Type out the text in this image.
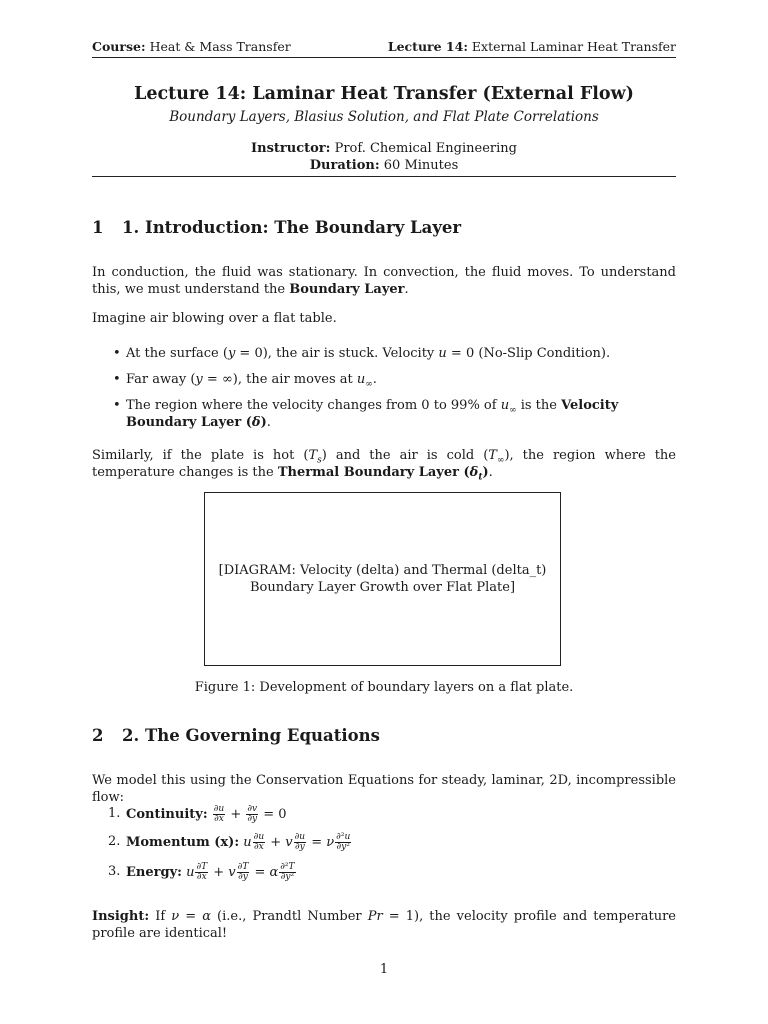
Course: Heat & Mass Transfer	Lecture 14: External Laminar Heat Transfer
Lecture 14: Laminar Heat Transfer (External Flow)
Boundary Layers, Blasius Solution, and Flat Plate Correlations
Instructor: Prof. Chemical Engineering
Duration: 60 Minutes
1 1. Introduction: The Boundary Layer

In conduction, the fluid was stationary. In convection, the fluid moves. To understand this, we must understand the Boundary Layer.

Imagine air blowing over a flat table.

• At the surface (y = 0), the air is stuck. Velocity u = 0 (No-Slip Condition).
• Far away (y = ∞), the air moves at $u_\infty$.
• The region where the velocity changes from 0 to 99% of $u_\infty$ is the Velocity Boundary Layer (δ).

Similarly, if the plate is hot $(T_s)$ and the air is cold $(T_\infty)$, the region where the temperature changes is the Thermal Boundary Layer $(\delta_t)$.

[DIAGRAM: Velocity (delta) and Thermal (delta_t)
Boundary Layer Growth over Flat Plate]
Figure 1: Development of boundary layers on a flat plate.
2 2. The Governing Equations

We model this using the Conservation Equations for steady, laminar, 2D, incompressible flow:

1. Continuity: $\frac{\partial u}{\partial x} + \frac{\partial v}{\partial y} = 0$
2. Momentum (x): u $\frac{\partial u}{\partial x} + v \frac{\partial u}{\partial y} = \nu \frac{\text{∂²u}}{\text{∂y²}}$
3. Energy: u $\frac{\partial T}{\partial x} + v \frac{\partial T}{\partial y} = \alpha \frac{\text{∂²T}}{\text{∂y²}}$

Insight: If ν = α (i.e., Prandtl Number Pr = 1), the velocity profile and temperature profile are identical!

1
